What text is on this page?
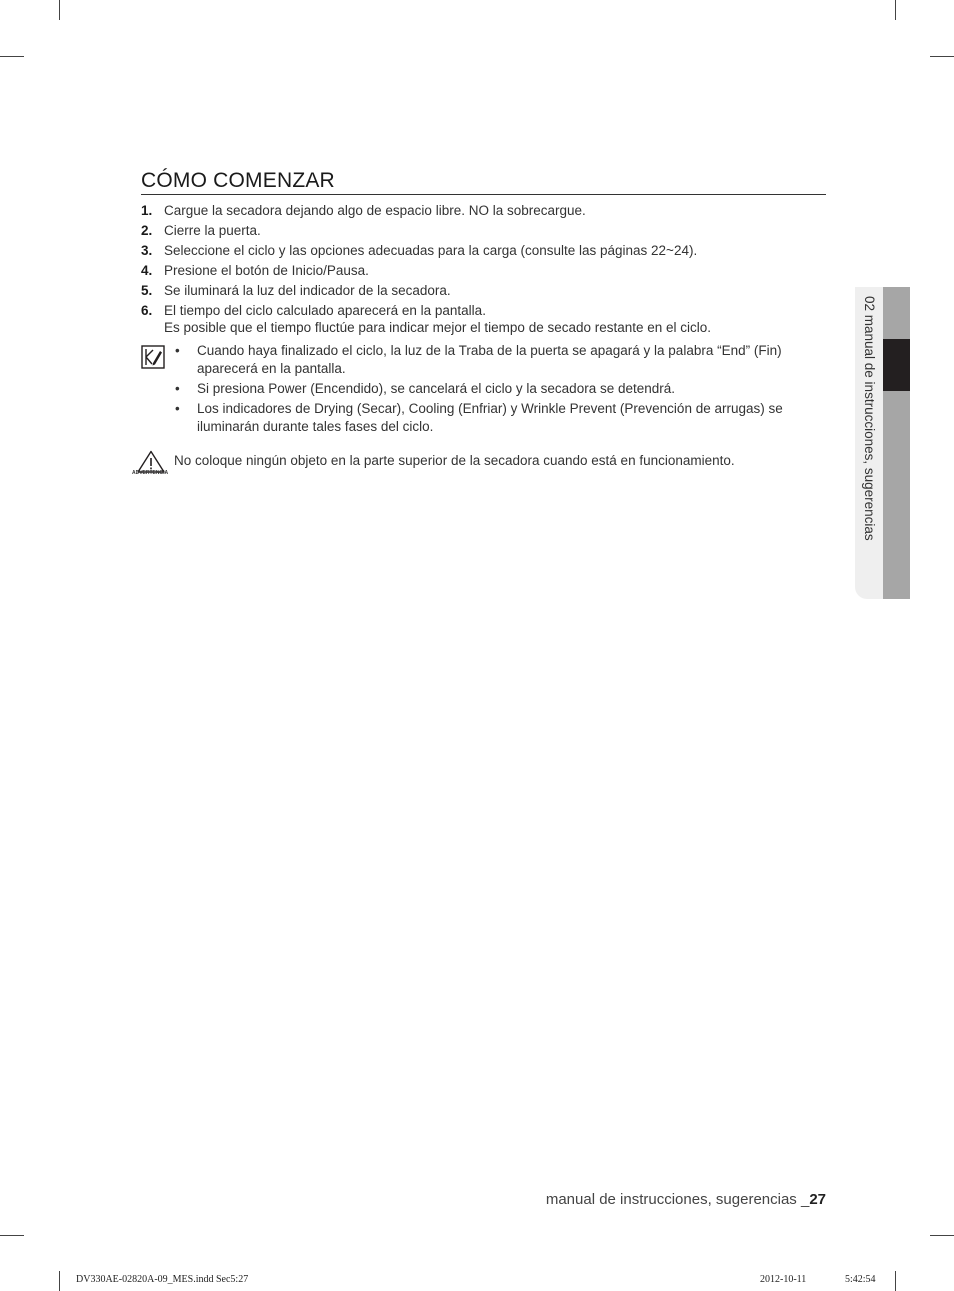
CÓMO COMENZAR
1. Cargue la secadora dejando algo de espacio libre. NO la sobrecargue.
2. Cierre la puerta.
3. Seleccione el ciclo y las opciones adecuadas para la carga (consulte las páginas 22~24).
4. Presione el botón de Inicio/Pausa.
5. Se iluminará la luz del indicador de la secadora.
6. El tiempo del ciclo calculado aparecerá en la pantalla.
Es posible que el tiempo fluctúe para indicar mejor el tiempo de secado restante en el ciclo.
• Cuando haya finalizado el ciclo, la luz de la Traba de la puerta se apagará y la palabra “End” (Fin) aparecerá en la pantalla.
• Si presiona Power (Encendido), se cancelará el ciclo y la secadora se detendrá.
• Los indicadores de Drying (Secar), Cooling (Enfriar) y Wrinkle Prevent (Prevención de arrugas) se iluminarán durante tales fases del ciclo.
ADVERTENCIA
No coloque ningún objeto en la parte superior de la secadora cuando está en funcionamiento.	02 manual de instrucciones, sugerencias
manual de instrucciones, sugerencias _27
DV330AE-02820A-09_MES.indd Sec5:27	2012-10-11	5:42:54
